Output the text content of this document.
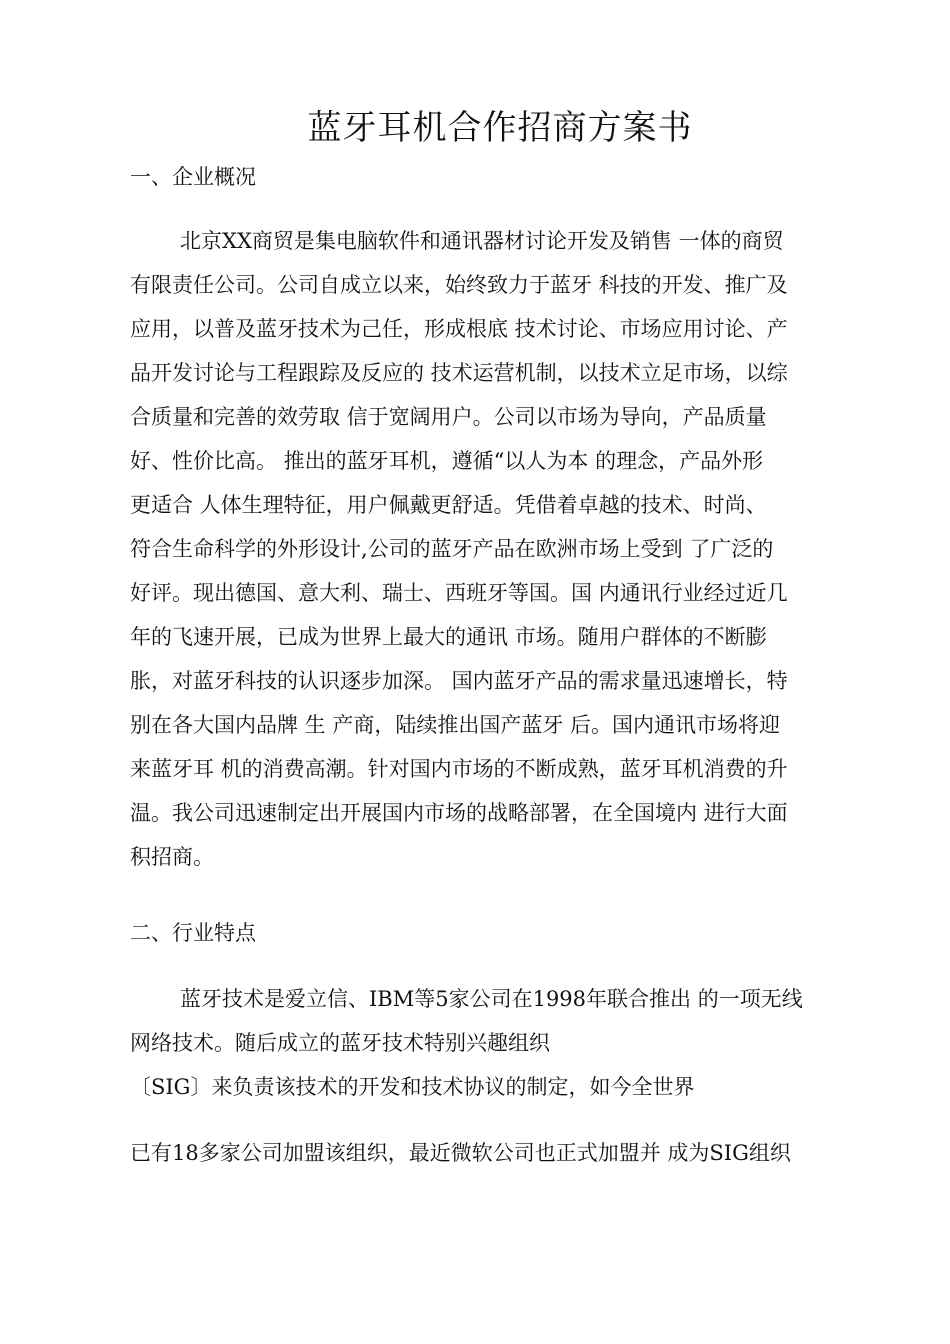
蓝牙耳机合作招商方案书
一、企业概况
北京XX商贸是集电脑软件和通讯器材讨论开发及销售 一体的商贸
有限责任公司。公司自成立以来，始终致力于蓝牙 科技的开发、推广及
应用，以普及蓝牙技术为己任，形成根底 技术讨论、市场应用讨论、产
品开发讨论与工程跟踪及反应的 技术运营机制，以技术立足市场，以综
合质量和完善的效劳取 信于宽阔用户。公司以市场为导向，产品质量
好、性价比高。 推出的蓝牙耳机，遵循“以人为本 的理念，产品外形
更适合 人体生理特征，用户佩戴更舒适。凭借着卓越的技术、时尚、
符合生命科学的外形设计,公司的蓝牙产品在欧洲市场上受到 了广泛的
好评。现出德国、意大利、瑞士、西班牙等国。国 内通讯行业经过近几
年的飞速开展，已成为世界上最大的通讯 市场。随用户群体的不断膨
胀，对蓝牙科技的认识逐步加深。 国内蓝牙产品的需求量迅速增长，特
别在各大国内品牌 生 产商，陆续推出国产蓝牙 后。国内通讯市场将迎
来蓝牙耳 机的消费高潮。针对国内市场的不断成熟，蓝牙耳机消费的升
温。我公司迅速制定出开展国内市场的战略部署，在全国境内 进行大面
积招商。
二、行业特点
蓝牙技术是爱立信、IBM等5家公司在1998年联合推出 的一项无线
网络技术。随后成立的蓝牙技术特别兴趣组织
〔SIG〕来负责该技术的开发和技术协议的制定，如今全世界
已有18多家公司加盟该组织，最近微软公司也正式加盟并 成为SIG组织
